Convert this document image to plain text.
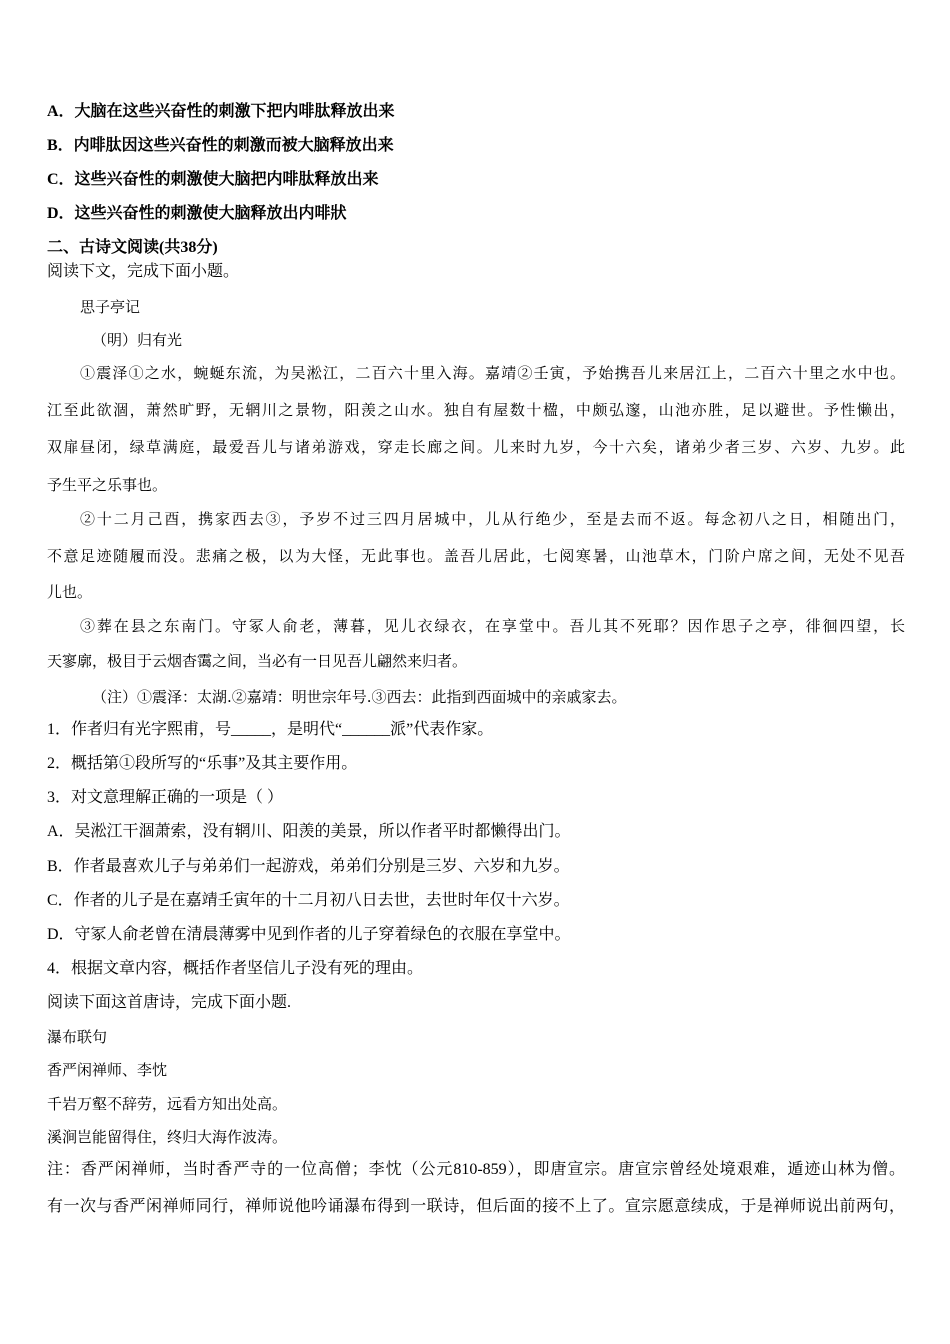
A．大脑在这些兴奋性的刺激下把内啡肽释放出来
B．内啡肽因这些兴奋性的刺激而被大脑释放出来
C．这些兴奋性的刺激使大脑把内啡肽释放出来
D．这些兴奋性的刺激使大脑释放出内啡狀
二、古诗文阅读(共38分)
阅读下文，完成下面小题。
思子亭记
（明）归有光
①震泽①之水，蜿蜒东流，为吴淞江，二百六十里入海。嘉靖②壬寅，予始携吾儿来居江上，二百六十里之水中也。
江至此欲涸，萧然旷野，无辋川之景物，阳羡之山水。独自有屋数十楹，中颇弘邃，山池亦胜，足以避世。予性懒出，
双扉昼闭，绿草满庭，最爱吾儿与诸弟游戏，穿走长廊之间。儿来时九岁，今十六矣，诸弟少者三岁、六岁、九岁。此
予生平之乐事也。
②十二月己酉，携家西去③，予岁不过三四月居城中，儿从行绝少，至是去而不返。每念初八之日，相随出门，
不意足迹随履而没。悲痛之极，以为大怪，无此事也。盖吾儿居此，七阅寒暑，山池草木，门阶户席之间，无处不见吾
儿也。
③葬在县之东南门。守冢人俞老，薄暮，见儿衣绿衣，在享堂中。吾儿其不死耶？因作思子之亭，徘徊四望，长
天寥廓，极目于云烟杳霭之间，当必有一日见吾儿翩然来归者。
（注）①震泽：太湖.②嘉靖：明世宗年号.③西去：此指到西面城中的亲戚家去。
1．作者归有光字熙甫，号_____，是明代“______派”代表作家。
2．概括第①段所写的“乐事”及其主要作用。
3．对文意理解正确的一项是（ ）
A．吴淞江干涸萧索，没有辋川、阳羡的美景，所以作者平时都懒得出门。
B．作者最喜欢儿子与弟弟们一起游戏，弟弟们分别是三岁、六岁和九岁。
C．作者的儿子是在嘉靖壬寅年的十二月初八日去世，去世时年仅十六岁。
D．守冢人俞老曾在清晨薄雾中见到作者的儿子穿着绿色的衣服在享堂中。
4．根据文章内容，概括作者坚信儿子没有死的理由。
阅读下面这首唐诗，完成下面小题.
瀑布联句
香严闲禅师、李忱
千岩万壑不辞劳，远看方知出处高。
溪涧岂能留得住，终归大海作波涛。
注：香严闲禅师，当时香严寺的一位高僧；李忱（公元810-859），即唐宣宗。唐宣宗曾经处境艰难，遁迹山林为僧。
有一次与香严闲禅师同行，禅师说他吟诵瀑布得到一联诗，但后面的接不上了。宣宗愿意续成，于是禅师说出前两句，
